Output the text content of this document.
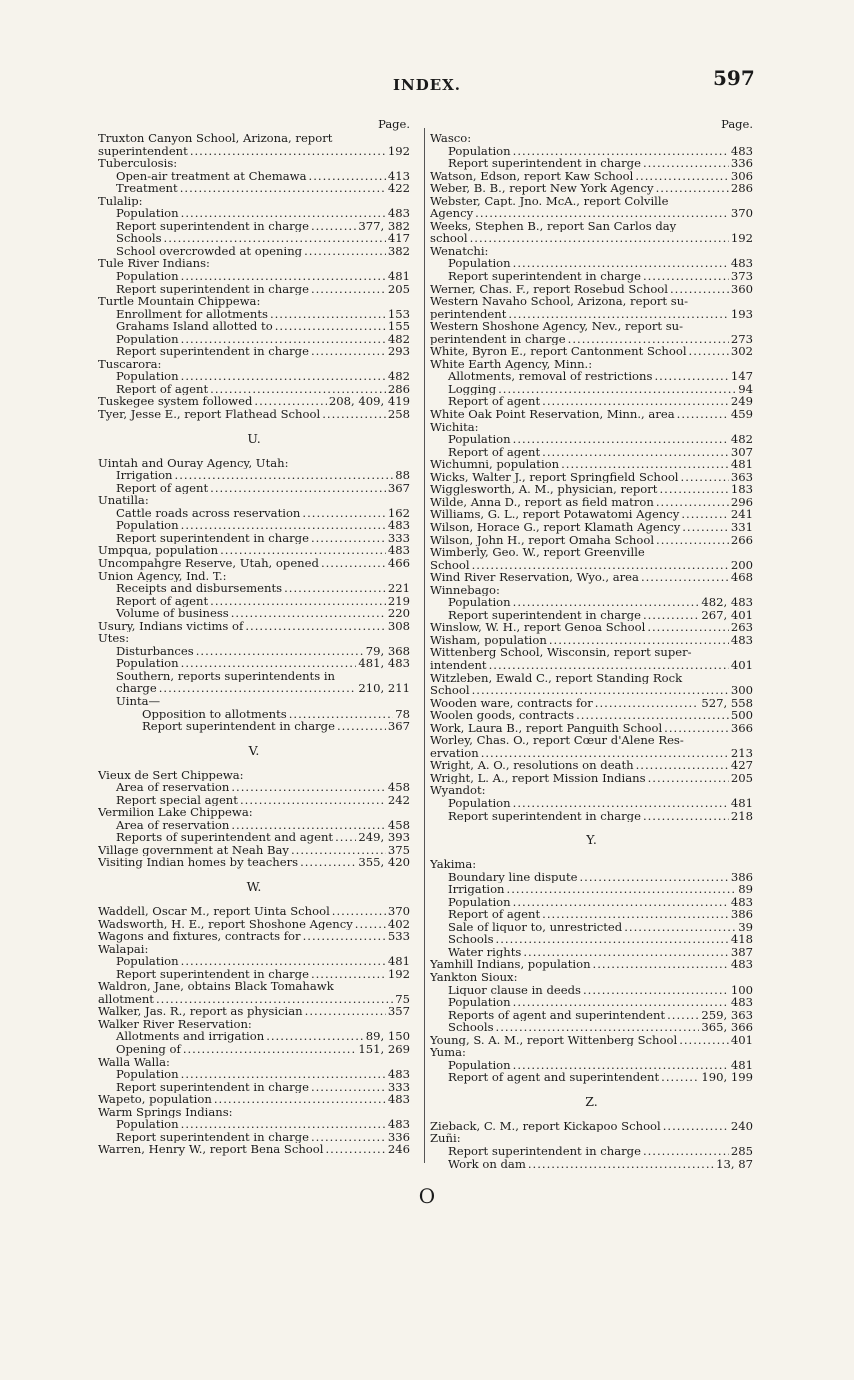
INDEX.	597
Page.
Truxton Canyon School, Arizona, report
superintendent .....	192
Tuberculosis:
Open-air treatment at Chemawa .....	413
Treatment .....	422
Tulalip:
Population .....	483
Report superintendent in charge .....	377, 382
Schools .....	417
School overcrowded at opening .....	382
Tule River Indians:
Population .....	481
Report superintendent in charge .....	205
Turtle Mountain Chippewa:
Enrollment for allotments .....	153
Grahams Island allotted to .....	155
Population .....	482
Report superintendent in charge .....	293
Tuscarora:
Population .....	482
Report of agent .....	286
Tuskegee system followed .....	208, 409, 419
Tyer, Jesse E., report Flathead School .....	258
U.
Uintah and Ouray Agency, Utah:
Irrigation .....	88
Report of agent .....	367
Unatilla:
Cattle roads across reservation .....	162
Population .....	483
Report superintendent in charge .....	333
Umpqua, population .....	483
Uncompahgre Reserve, Utah, opened .....	466
Union Agency, Ind. T.:
Receipts and disbursements .....	221
Report of agent .....	219
Volume of business .....	220
Usury, Indians victims of .....	308
Utes:
Disturbances .....	79, 368
Population .....	481, 483
Southern, reports superintendents in
charge .....	210, 211
Uinta—
Opposition to allotments .....	78
Report superintendent in charge .....	367
V.
Vieux de Sert Chippewa:
Area of reservation .....	458
Report special agent .....	242
Vermilion Lake Chippewa:
Area of reservation .....	458
Reports of superintendent and agent ..... 249, 393
Village government at Neah Bay .....	375
Visiting Indian homes by teachers .....	355, 420
W.
Waddell, Oscar M., report Uinta School .....	370
Wadsworth, H. E., report Shoshone Agency .....	402
Wagons and fixtures, contracts for .....	533
Walapai:
Population .....	481
Report superintendent in charge .....	192
Waldron, Jane, obtains Black Tomahawk
allotment .....	75
Walker, Jas. R., report as physician .....	357
Walker River Reservation:
Allotments and irrigation .....	89, 150
Opening of .....	151, 269
Walla Walla:
Population .....	483
Report superintendent in charge .....	333
Wapeto, population .....	483
Warm Springs Indians:
Population .....	483
Report superintendent in charge .....	336
Warren, Henry W., report Bena School .....	246
Page.
Wasco:
Population .....	483
Report superintendent in charge .....	336
Watson, Edson, report Kaw School .....	306
Weber, B. B., report New York Agency .....	286
Webster, Capt. Jno. McA., report Colville
Agency .....	370
Weeks, Stephen B., report San Carlos day
school .....	192
Wenatchi:
Population .....	483
Report superintendent in charge .....	373
Werner, Chas. F., report Rosebud School .....	360
Western Navaho School, Arizona, report su-
perintendent .....	193
Western Shoshone Agency, Nev., report su-
perintendent in charge .....	273
White, Byron E., report Cantonment School .....	302
White Earth Agency, Minn.:
Allotments, removal of restrictions .....	147
Logging .....	94
Report of agent .....	249
White Oak Point Reservation, Minn., area .....	459
Wichita:
Population .....	482
Report of agent .....	307
Wichumni, population .....	481
Wicks, Walter J., report Springfield School .....	363
Wigglesworth, A. M., physician, report .....	183
Wilde, Anna D., report as field matron .....	296
Williams, G. L., report Potawatomi Agency .....	241
Wilson, Horace G., report Klamath Agency .....	331
Wilson, John H., report Omaha School .....	266
Wimberly, Geo. W., report Greenville
School .....	200
Wind River Reservation, Wyo., area .....	468
Winnebago:
Population .....	482, 483
Report superintendent in charge .....	267, 401
Winslow, W. H., report Genoa School .....	263
Wisham, population .....	483
Wittenberg School, Wisconsin, report super-
intendent .....	401
Witzleben, Ewald C., report Standing Rock
School .....	300
Wooden ware, contracts for .....	527, 558
Woolen goods, contracts .....	500
Work, Laura B., report Panguith School .....	366
Worley, Chas. O., report Cœur d'Alene Res-
ervation .....	213
Wright, A. O., resolutions on death .....	427
Wright, L. A., report Mission Indians .....	205
Wyandot:
Population .....	481
Report superintendent in charge .....	218
Y.
Yakima:
Boundary line dispute .....	386
Irrigation .....	89
Population .....	483
Report of agent .....	386
Sale of liquor to, unrestricted .....	39
Schools .....	418
Water rights .....	387
Yamhill Indians, population .....	483
Yankton Sioux:
Liquor clause in deeds .....	100
Population .....	483
Reports of agent and superintendent .....	259, 363
Schools .....	365, 366
Young, S. A. M., report Wittenberg School .....	401
Yuma:
Population .....	481
Report of agent and superintendent .....	190, 199
Z.
Zieback, C. M., report Kickapoo School .....	240
Zuñi:
Report superintendent in charge .....	285
Work on dam .....	13, 87
O
